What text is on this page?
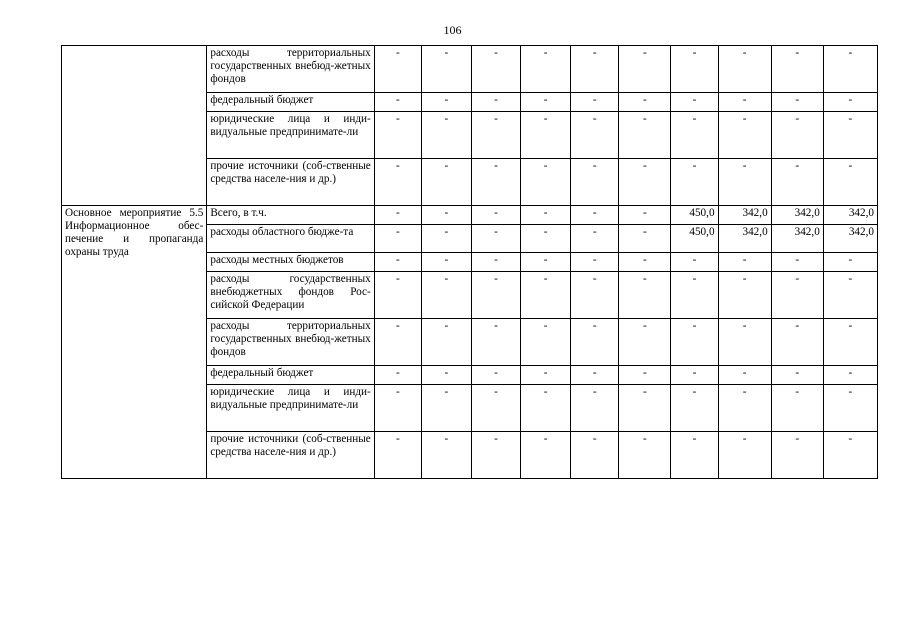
106
	расходы территориальных государственных внебюд-жетных фондов	-	-	-	-	-	-	-	-	-	-
	федеральный бюджет	-	-	-	-	-	-	-	-	-	-
	юридические лица и инди-видуальные предпринимате-ли	-	-	-	-	-	-	-	-	-	-
	прочие источники (соб-ственные средства населе-ния и др.)	-	-	-	-	-	-	-	-	-	-
Основное мероприятие 5.5 Информационное обес-печение и пропаганда охраны труда	Всего, в т.ч.	-	-	-	-	-	-	450,0	342,0	342,0	342,0
	расходы областного бюдже-та	-	-	-	-	-	-	450,0	342,0	342,0	342,0
	расходы местных бюджетов	-	-	-	-	-	-	-	-	-	-
	расходы государственных внебюджетных фондов Рос-сийской Федерации	-	-	-	-	-	-	-	-	-	-
	расходы территориальных государственных внебюд-жетных фондов	-	-	-	-	-	-	-	-	-	-
	федеральный бюджет	-	-	-	-	-	-	-	-	-	-
	юридические лица и инди-видуальные предпринимате-ли	-	-	-	-	-	-	-	-	-	-
	прочие источники (соб-ственные средства населе-ния и др.)	-	-	-	-	-	-	-	-	-	-
